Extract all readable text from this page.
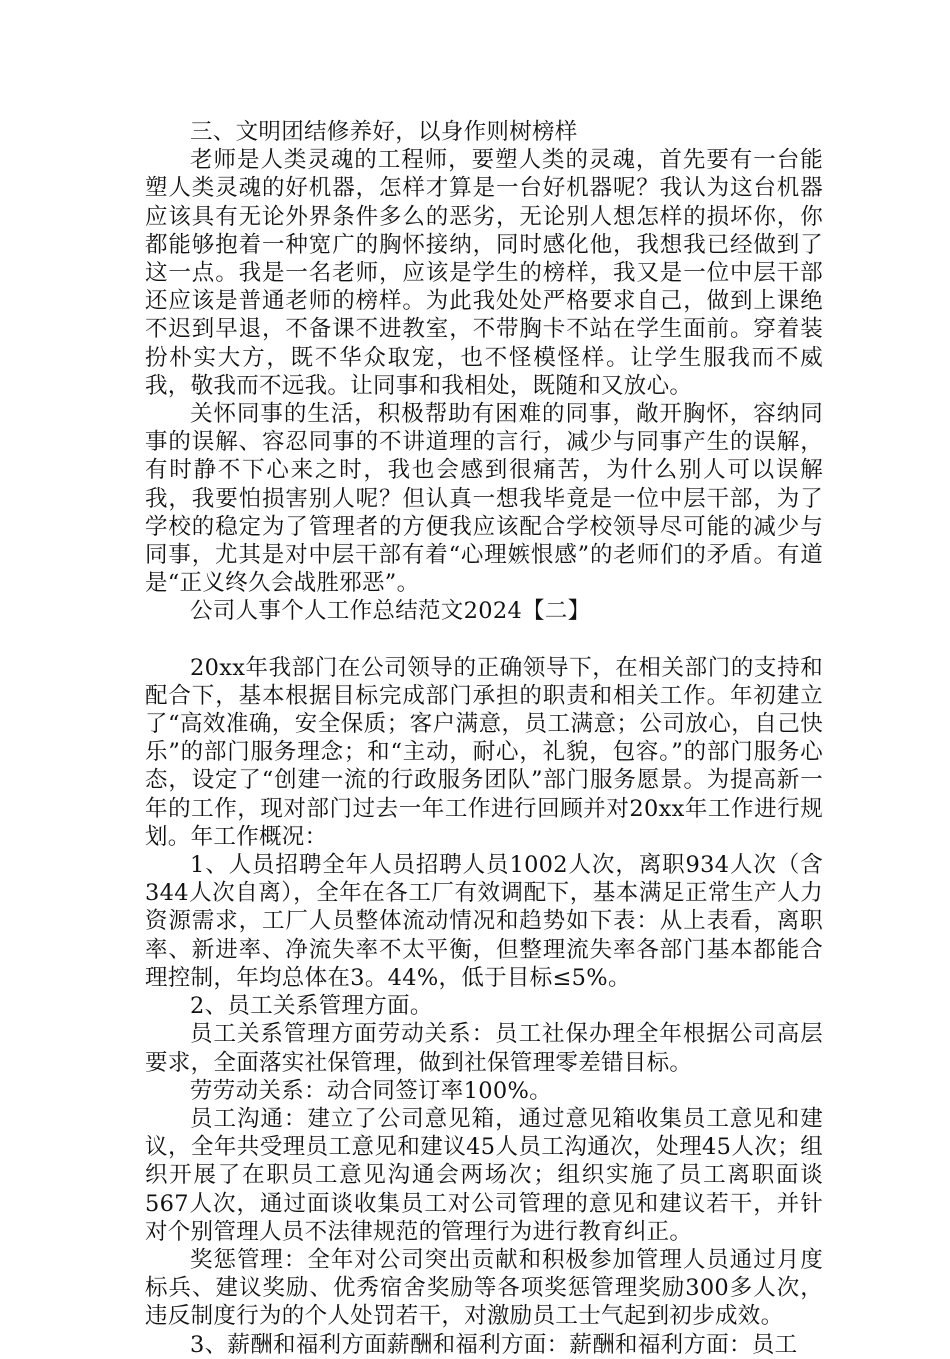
三、文明团结修养好，以身作则树榜样

老师是人类灵魂的工程师，要塑人类的灵魂，首先要有一台能塑人类灵魂的好机器，怎样才算是一台好机器呢？我认为这台机器应该具有无论外界条件多么的恶劣，无论别人想怎样的损坏你，你都能够抱着一种宽广的胸怀接纳，同时感化他，我想我已经做到了这一点。我是一名老师，应该是学生的榜样，我又是一位中层干部还应该是普通老师的榜样。为此我处处严格要求自己，做到上课绝不迟到早退，不备课不进教室，不带胸卡不站在学生面前。穿着装扮朴实大方，既不华众取宠，也不怪模怪样。让学生服我而不威我，敬我而不远我。让同事和我相处，既随和又放心。

关怀同事的生活，积极帮助有困难的同事，敞开胸怀，容纳同事的误解、容忍同事的不讲道理的言行，减少与同事产生的误解，有时静不下心来之时，我也会感到很痛苦，为什么别人可以误解我，我要怕损害别人呢？但认真一想我毕竟是一位中层干部，为了学校的稳定为了管理者的方便我应该配合学校领导尽可能的减少与同事，尤其是对中层干部有着“心理嫉恨感”的老师们的矛盾。有道是“正义终久会战胜邪恶”。

公司人事个人工作总结范文2024【二】

20xx年我部门在公司领导的正确领导下，在相关部门的支持和配合下，基本根据目标完成部门承担的职责和相关工作。年初建立了“高效准确，安全保质；客户满意，员工满意；公司放心，自己快乐”的部门服务理念；和“主动，耐心，礼貌，包容。”的部门服务心态，设定了“创建一流的行政服务团队”部门服务愿景。为提高新一年的工作，现对部门过去一年工作进行回顾并对20xx年工作进行规划。年工作概况：

1、人员招聘全年人员招聘人员1002人次，离职934人次（含344人次自离），全年在各工厂有效调配下，基本满足正常生产人力资源需求，工厂人员整体流动情况和趋势如下表：从上表看，离职率、新进率、净流失率不太平衡，但整理流失率各部门基本都能合理控制，年均总体在3。44%，低于目标≤5%。

2、员工关系管理方面。

员工关系管理方面劳动关系：员工社保办理全年根据公司高层要求，全面落实社保管理，做到社保管理零差错目标。

劳劳动关系：动合同签订率100%。

员工沟通：建立了公司意见箱，通过意见箱收集员工意见和建议，全年共受理员工意见和建议45人员工沟通次，处理45人次；组织开展了在职员工意见沟通会两场次；组织实施了员工离职面谈567人次，通过面谈收集员工对公司管理的意见和建议若干，并针对个别管理人员不法律规范的管理行为进行教育纠正。

奖惩管理：全年对公司突出贡献和积极参加管理人员通过月度标兵、建议奖励、优秀宿舍奖励等各项奖惩管理奖励300多人次，违反制度行为的个人处罚若干，对激励员工士气起到初步成效。

3、薪酬和福利方面薪酬和福利方面：薪酬和福利方面：员工
